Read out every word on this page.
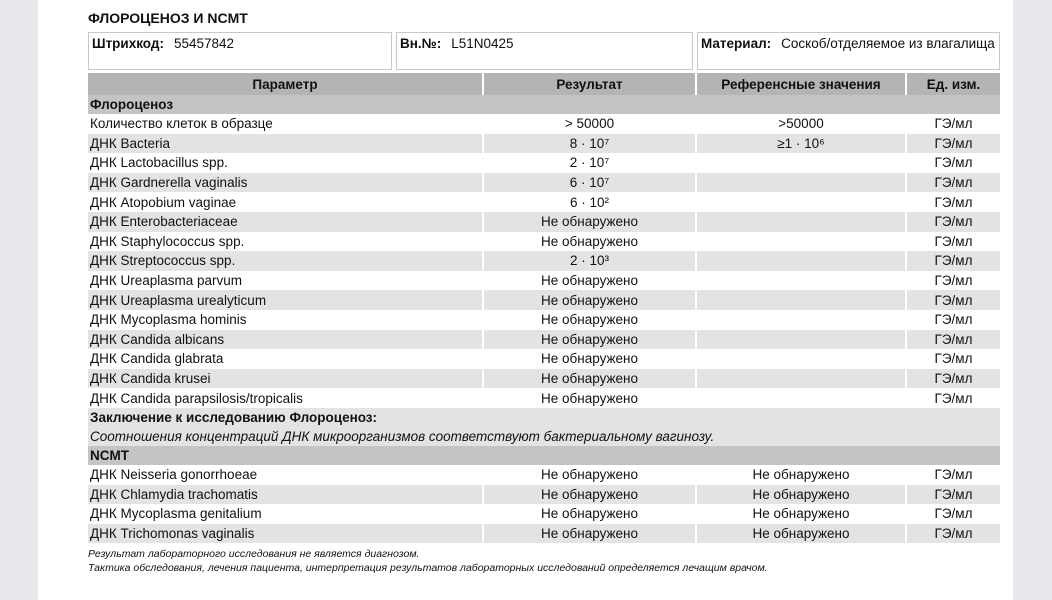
ФЛОРОЦЕНОЗ И NCMT
Штрихкод: 55457842	Вн.№: L51N0425	Материал: Соскоб/отделяемое из влагалища
Параметр	Результат	Референсные значения	Ед. изм.
Флороценоз			
Количество клеток в образце	> 50000	>50000	ГЭ/мл
ДНК Bacteria	8 · 10⁷	≥1 · 10⁶	ГЭ/мл
ДНК Lactobacillus spp.	2 · 10⁷		ГЭ/мл
ДНК Gardnerella vaginalis	6 · 10⁷		ГЭ/мл
ДНК Atopobium vaginae	6 · 10²		ГЭ/мл
ДНК Enterobacteriaceae	Не обнаружено		ГЭ/мл
ДНК Staphylococcus spp.	Не обнаружено		ГЭ/мл
ДНК Streptococcus spp.	2 · 10³		ГЭ/мл
ДНК Ureaplasma parvum	Не обнаружено		ГЭ/мл
ДНК Ureaplasma urealyticum	Не обнаружено		ГЭ/мл
ДНК Mycoplasma hominis	Не обнаружено		ГЭ/мл
ДНК Candida albicans	Не обнаружено		ГЭ/мл
ДНК Candida glabrata	Не обнаружено		ГЭ/мл
ДНК Candida krusei	Не обнаружено		ГЭ/мл
ДНК Candida parapsilosis/tropicalis	Не обнаружено		ГЭ/мл

Заключение к исследованию Флороценоз:
Соотношения концентраций ДНК микроорганизмов соответствуют бактериальному вагинозу.			

NCMT			
ДНК Neisseria gonorrhoeae	Не обнаружено	Не обнаружено	ГЭ/мл
ДНК Chlamydia trachomatis	Не обнаружено	Не обнаружено	ГЭ/мл
ДНК Mycoplasma genitalium	Не обнаружено	Не обнаружено	ГЭ/мл
ДНК Trichomonas vaginalis	Не обнаружено	Не обнаружено	ГЭ/мл
Результат лабораторного исследования не является диагнозом.
Тактика обследования, лечения пациента, интерпретация результатов лабораторных исследований определяется лечащим врачом.
